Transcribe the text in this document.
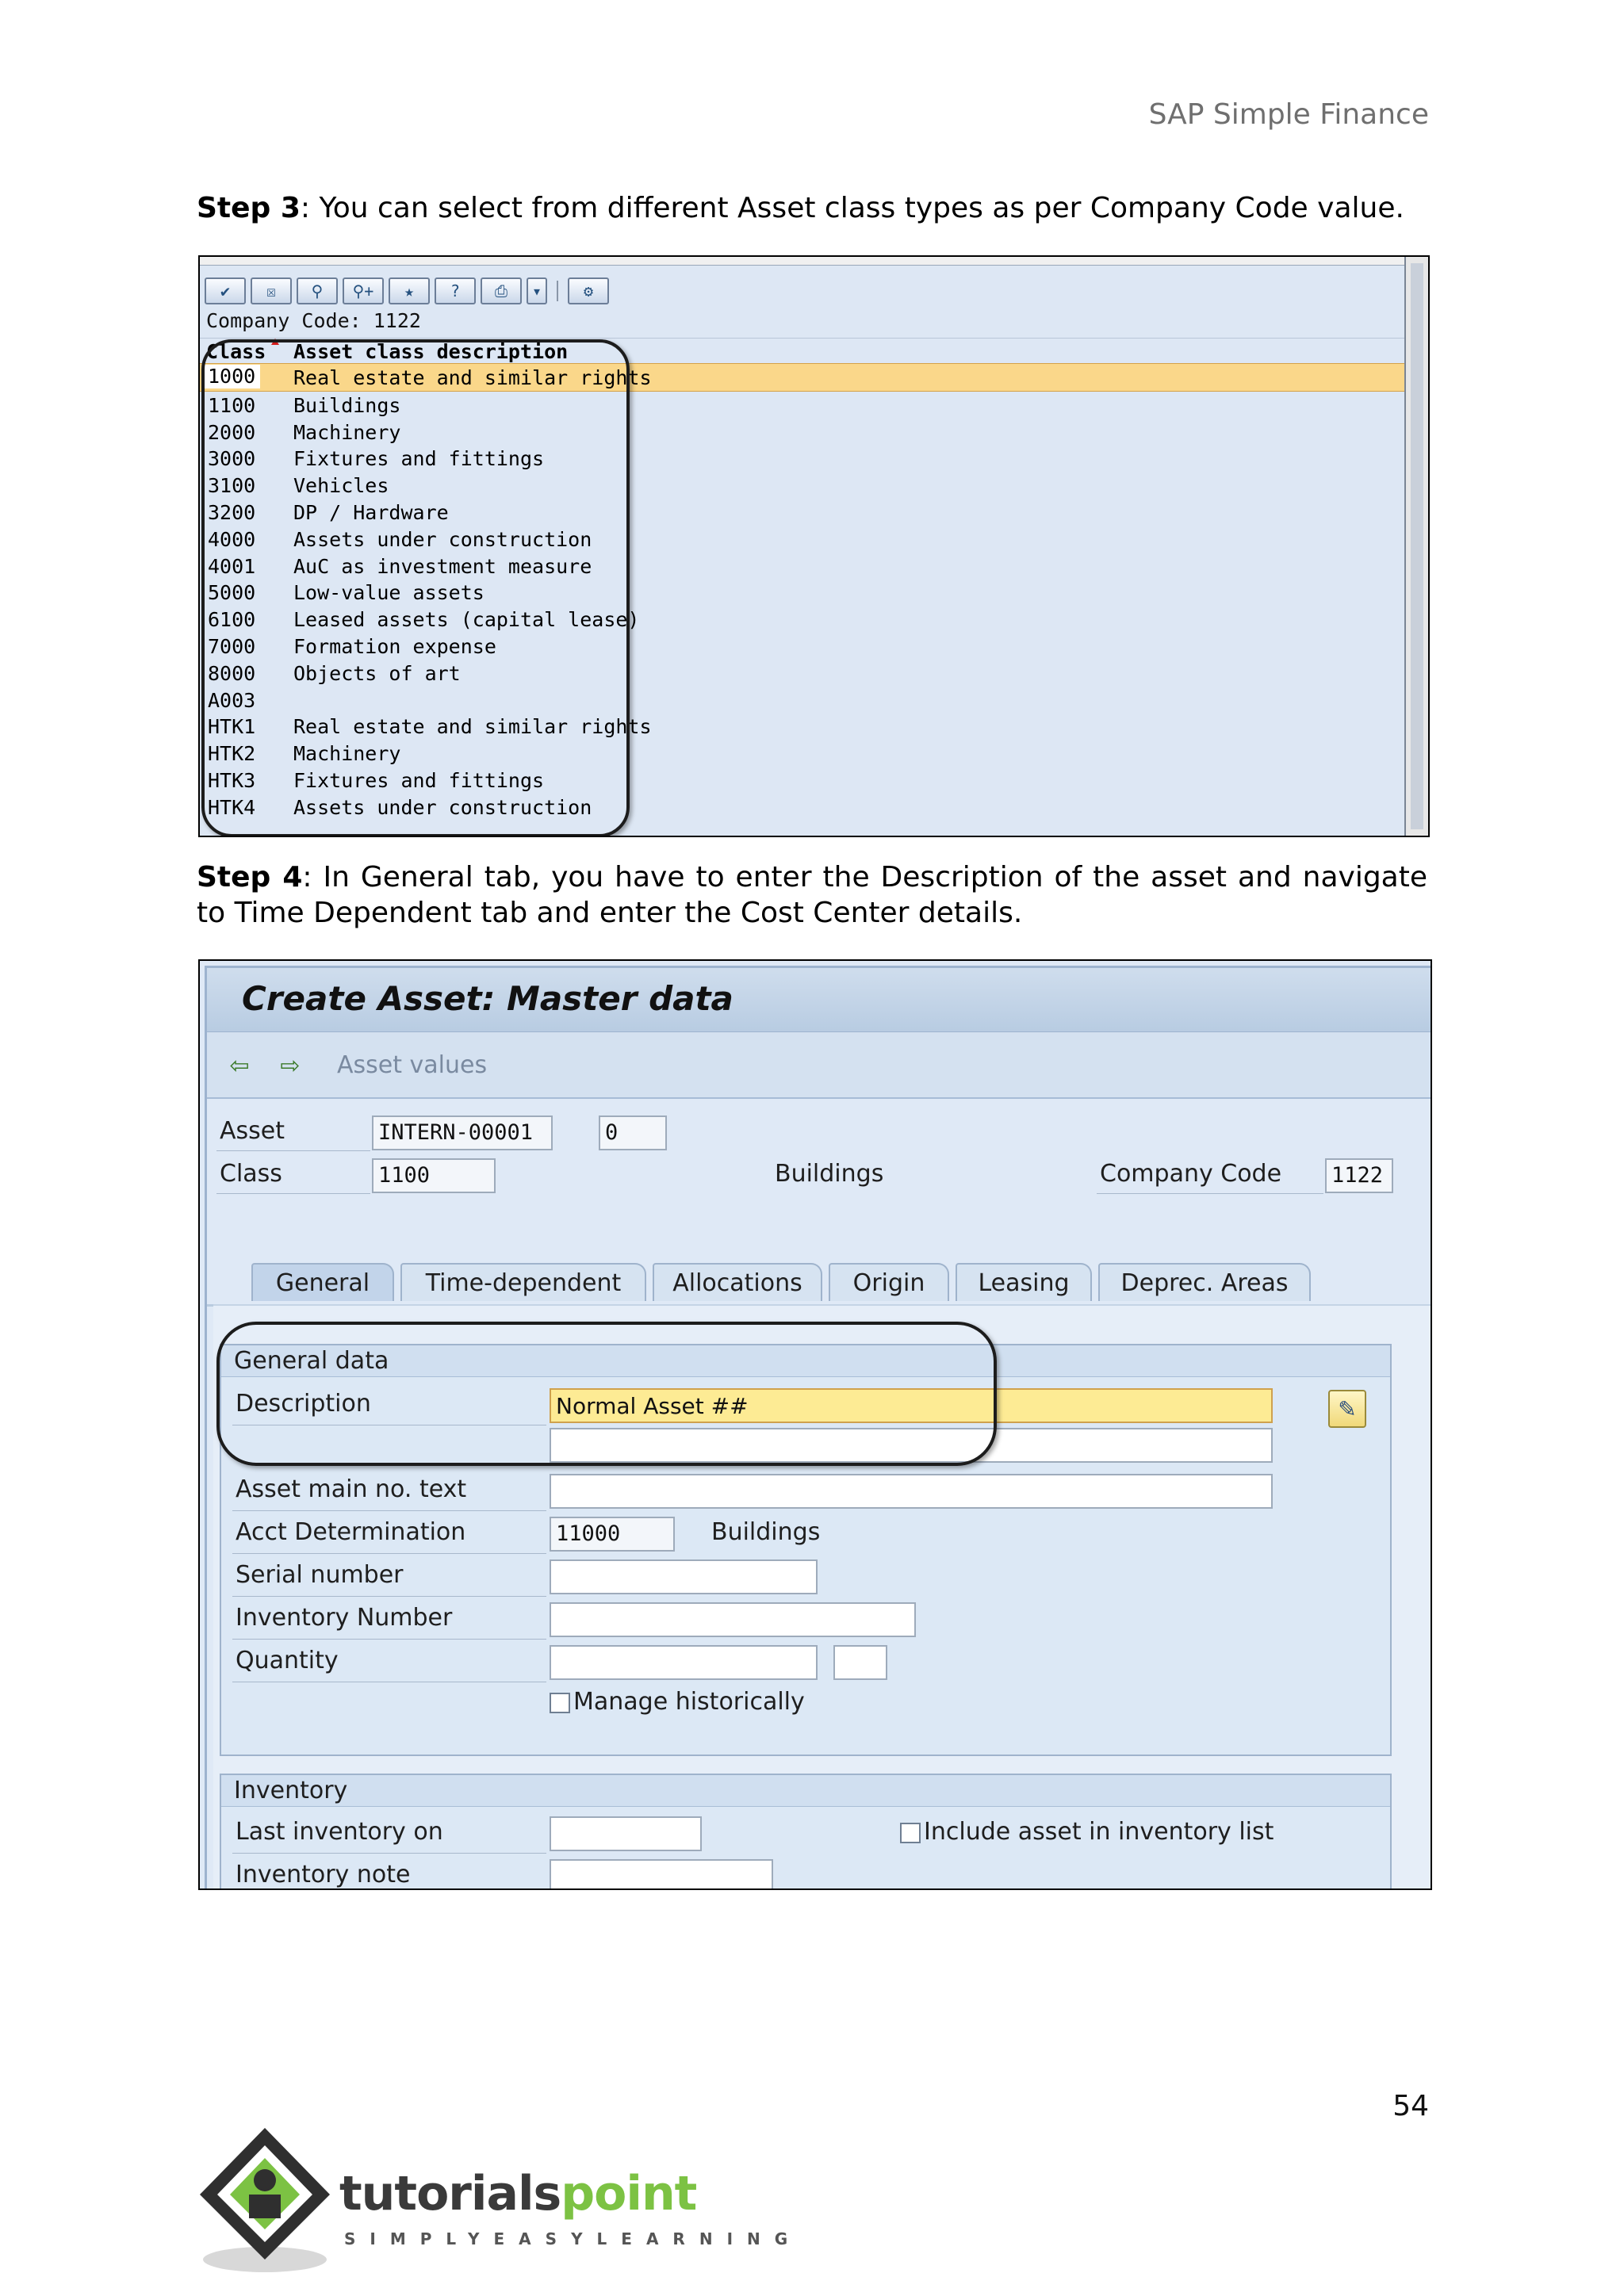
SAP Simple Finance
Step 3: You can select from different Asset class types as per Company Code value.
✔	☒	⚲	⚲+	★	?	⎙	▾	⚙
Company Code: 1122
Class Asset class description
1000 Real estate and similar rights
1100 Buildings
2000 Machinery
3000 Fixtures and fittings
3100 Vehicles
3200 DP / Hardware
4000 Assets under construction
4001 AuC as investment measure
5000 Low-value assets
6100 Leased assets (capital lease)
7000 Formation expense
8000 Objects of art
A003
HTK1 Real estate and similar rights
HTK2 Machinery
HTK3 Fixtures and fittings
HTK4 Assets under construction
Step 4: In General tab, you have to enter the Description of the asset and navigate to Time Dependent tab and enter the Cost Center details.
Create Asset: Master data
⇦ ⇨ Asset values
Asset	INTERN-00001	0
Class	1100	Buildings	Company Code 1122
General	Time-dependent	Allocations	Origin	Leasing	Deprec. Areas
General data
Description	Normal Asset ##	✎
Asset main no. text
Acct Determination	11000	Buildings
Serial number
Inventory Number
Quantity
Manage historically
Inventory
Last inventory on	Include asset in inventory list
Inventory note
54
tutorialspoint
SIMPLYEASYLEARNING
